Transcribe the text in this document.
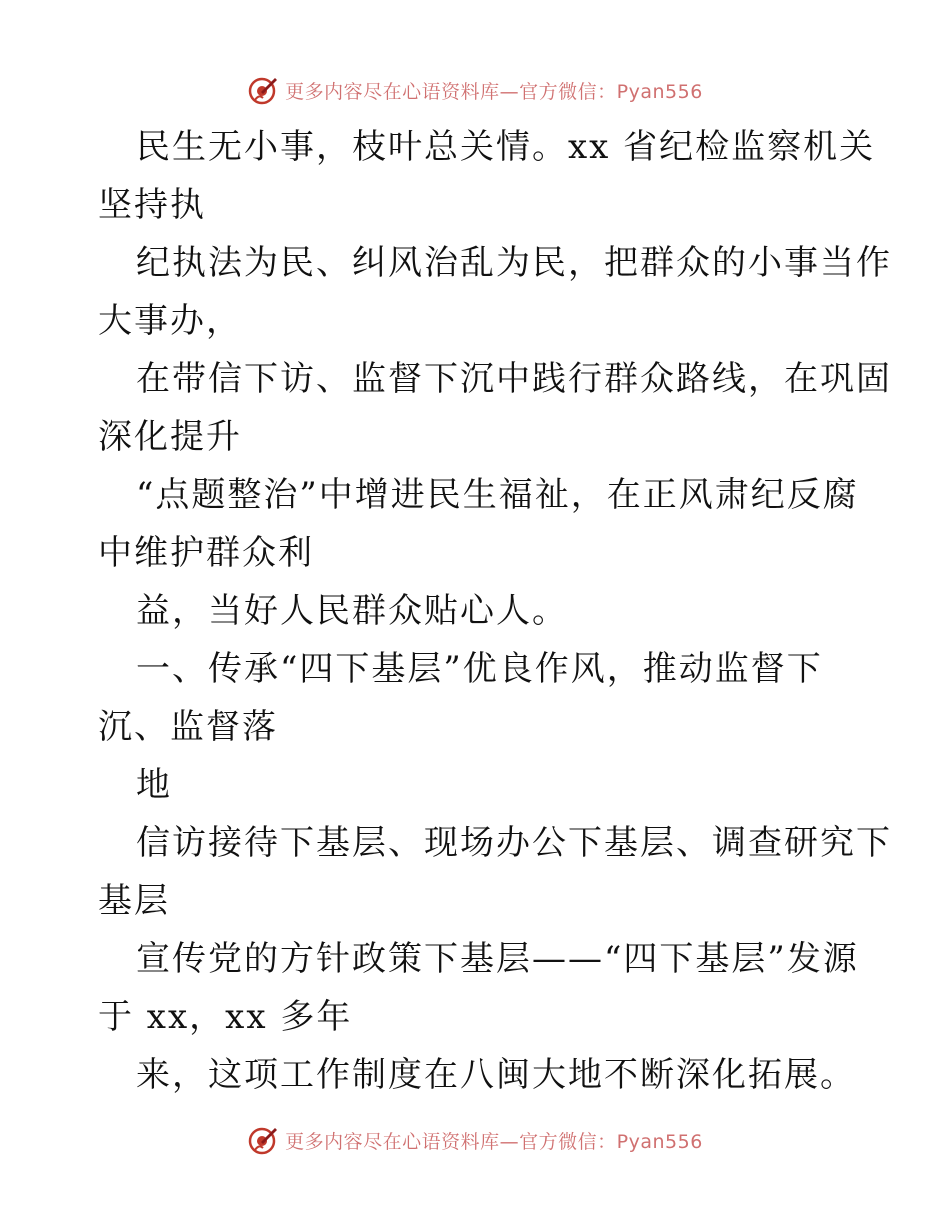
更多内容尽在心语资料库—官方微信：Pyan556
民生无小事，枝叶总关情。xx 省纪检监察机关
坚持执
纪执法为民、纠风治乱为民，把群众的小事当作
大事办，
在带信下访、监督下沉中践行群众路线，在巩固
深化提升
“点题整治”中增进民生福祉，在正风肃纪反腐
中维护群众利
益，当好人民群众贴心人。
一、传承“四下基层”优良作风，推动监督下
沉、监督落
地
信访接待下基层、现场办公下基层、调查研究下
基层
宣传党的方针政策下基层——“四下基层”发源
于 xx，xx 多年
来，这项工作制度在八闽大地不断深化拓展。
更多内容尽在心语资料库—官方微信：Pyan556
